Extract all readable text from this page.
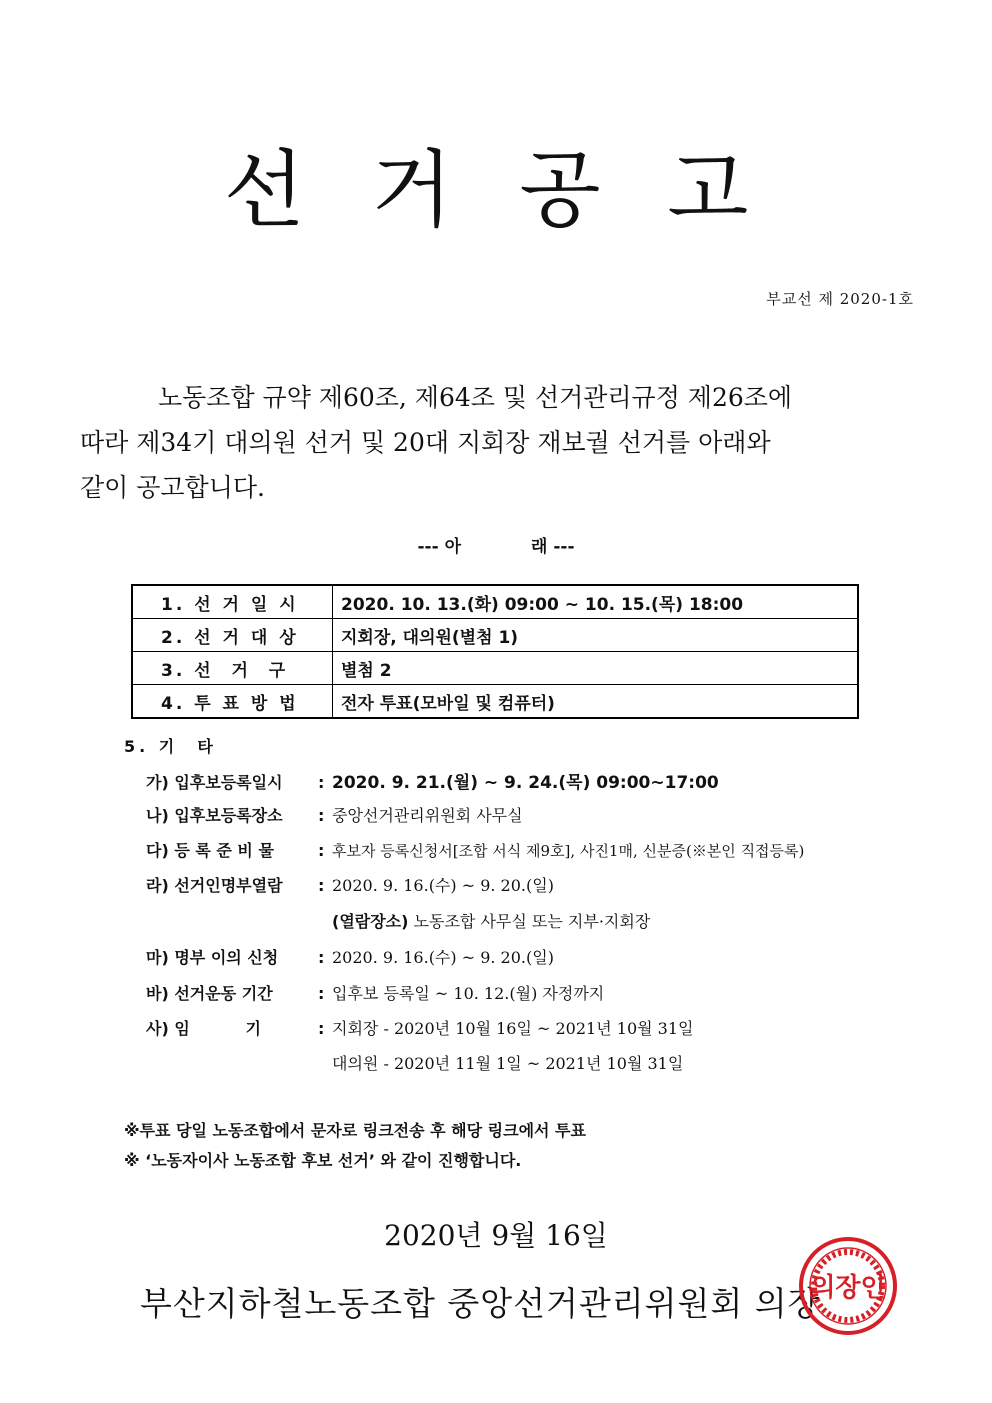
선 거 공 고
부교선 제 2020-1호
노동조합 규약 제60조, 제64조 및 선거관리규정 제26조에
따라 제34기 대의원 선거 및 20대 지회장 재보궐 선거를 아래와
같이 공고합니다.
--- 아	래 ---
1. 선 거 일 시	2020. 10. 13.(화) 09:00 ~ 10. 15.(목) 18:00
2. 선 거 대 상	지회장, 대의원(별첨 1)
3. 선  거  구	별첨 2
4. 투 표 방 법	전자 투표(모바일 및 컴퓨터)
5. 기  타
가) 입후보등록일시	: 2020. 9. 21.(월) ~ 9. 24.(목) 09:00~17:00
나) 입후보등록장소	: 중앙선거관리위원회 사무실
다) 등 록 준 비 물	: 후보자 등록신청서[조합 서식 제9호], 사진1매, 신분증(※본인 직접등록)
라) 선거인명부열람	: 2020. 9. 16.(수) ~ 9. 20.(일)
(열람장소) 노동조합 사무실 또는 지부·지회장
마) 명부 이의 신청	: 2020. 9. 16.(수) ~ 9. 20.(일)
바) 선거운동 기간	: 입후보 등록일 ~ 10. 12.(월) 자정까지
사) 임          기	: 지회장 - 2020년 10월 16일 ~ 2021년 10월 31일
대의원 - 2020년 11월 1일 ~ 2021년 10월 31일
※투표 당일 노동조합에서 문자로 링크전송 후 해당 링크에서 투표
※ ‘노동자이사 노동조합 후보 선거’ 와 같이 진행합니다.
2020년 9월 16일
부산지하철노동조합 중앙선거관리위원회 의장
의장인
